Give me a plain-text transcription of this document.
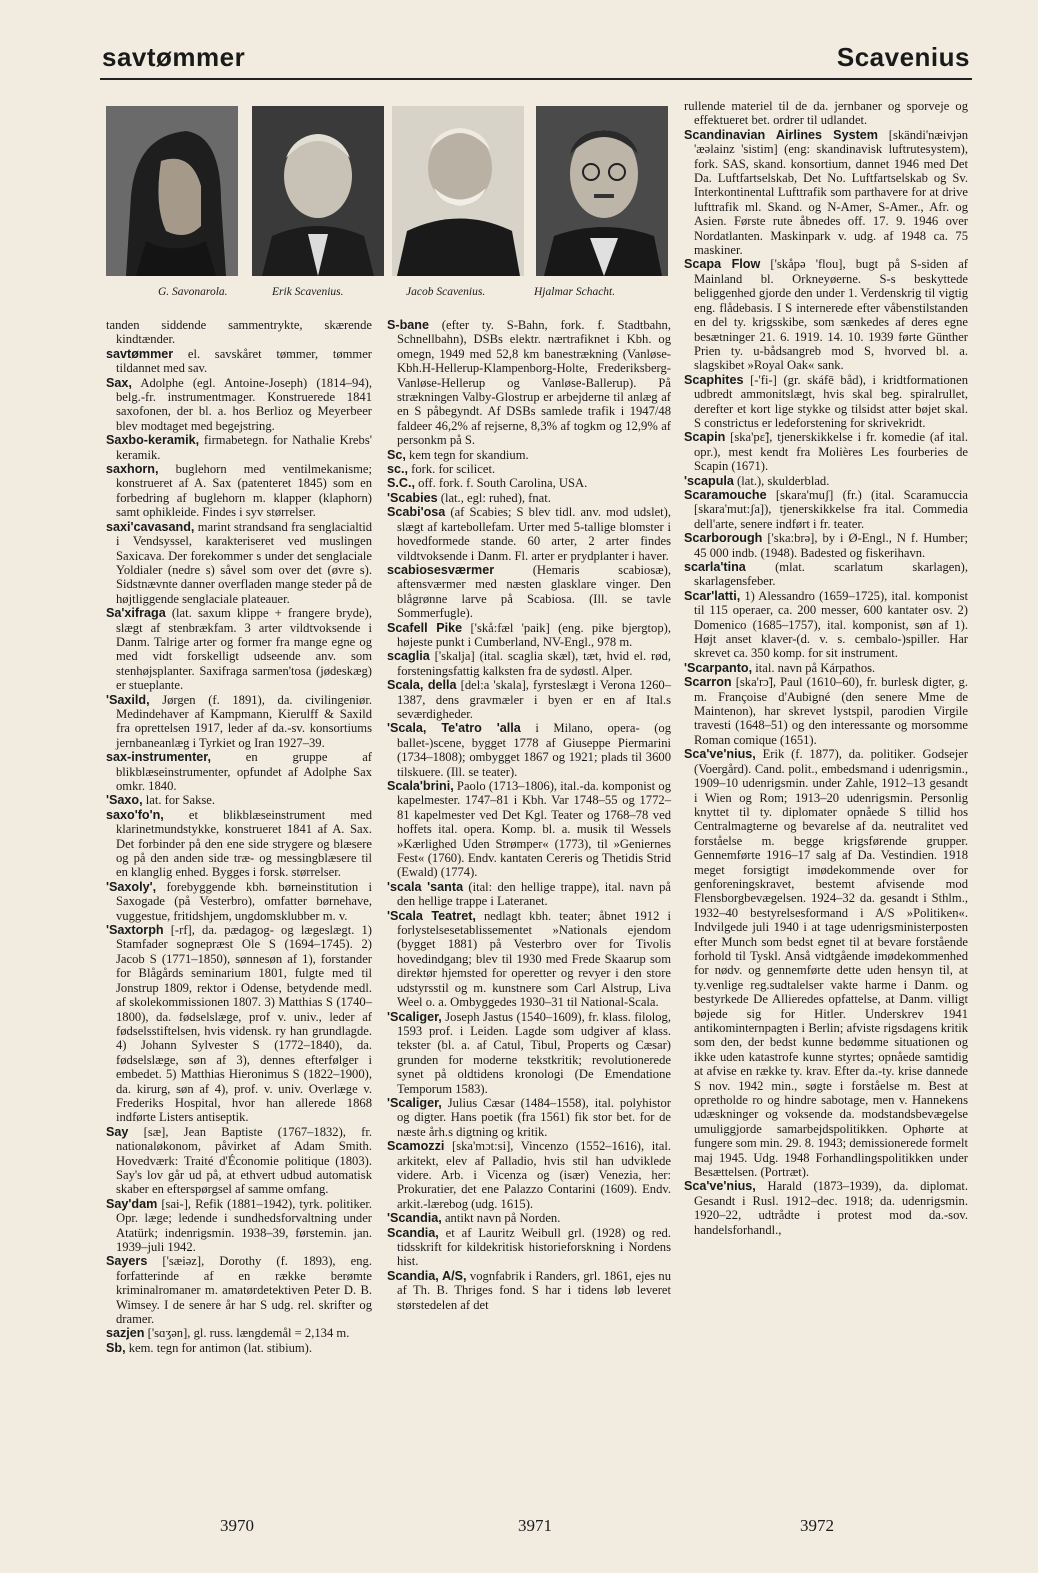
savtømmer	Scavenius
G. Savonarola.	Erik Scavenius.	Jacob Scavenius.	Hjalmar Schacht.

tanden siddende sammentrykte, skærende kindtænder.

savtømmer el. savskåret tømmer, tømmer tildannet med sav.

Sax, Adolphe (egl. Antoine-Joseph) (1814–94), belg.-fr. instrumentmager. Konstruerede 1841 saxofonen, der bl. a. hos Berlioz og Meyerbeer blev modtaget med begejstring.

Saxbo-keramik, firmabetegn. for Nathalie Krebs' keramik.

saxhorn, buglehorn med ventilmekanisme; konstrueret af A. Sax (patenteret 1845) som en forbedring af buglehorn m. klapper (klaphorn) samt ophikleide. Findes i syv størrelser.

saxi'cavasand, marint strandsand fra senglacialtid i Vendsyssel, karakteriseret ved muslingen Saxicava. Der forekommer s under det senglaciale Yoldialer (nedre s) såvel som over det (øvre s). Sidstnævnte danner overfladen mange steder på de højtliggende senglaciale plateauer.

Sa'xifraga (lat. saxum klippe + frangere bryde), slægt af stenbrækfam. 3 arter vildtvoksende i Danm. Talrige arter og former fra mange egne og med vidt forskelligt udseende anv. som stenhøjsplanter. Saxifraga sarmen'tosa (jødeskæg) er stueplante.

'Saxild, Jørgen (f. 1891), da. civilingeniør. Medindehaver af Kampmann, Kierulff & Saxild fra oprettelsen 1917, leder af da.-sv. konsortiums jernbaneanlæg i Tyrkiet og Iran 1927–39.

sax-instrumenter, en gruppe af blikblæseinstrumenter, opfundet af Adolphe Sax omkr. 1840.

'Saxo, lat. for Sakse.

saxo'fo'n, et blikblæseinstrument med klarinetmundstykke, konstrueret 1841 af A. Sax. Det forbinder på den ene side strygere og blæsere og på den anden side træ- og messingblæsere til en klanglig enhed. Bygges i forsk. størrelser.

'Saxoly', forebyggende kbh. børneinstitution i Saxogade (på Vesterbro), omfatter børnehave, vuggestue, fritidshjem, ungdomsklubber m. v.

'Saxtorph [-rf], da. pædagog- og lægeslægt. 1) Stamfader sognepræst Ole S (1694–1745). 2) Jacob S (1771–1850), sønnesøn af 1), forstander for Blågårds seminarium 1801, fulgte med til Jonstrup 1809, rektor i Odense, betydende medl. af skolekommissionen 1807. 3) Matthias S (1740–1800), da. fødselslæge, prof v. univ., leder af fødselsstiftelsen, hvis vidensk. ry han grundlagde. 4) Johann Sylvester S (1772–1840), da. fødselslæge, søn af 3), dennes efterfølger i embedet. 5) Matthias Hieronimus S (1822–1900), da. kirurg, søn af 4), prof. v. univ. Overlæge v. Frederiks Hospital, hvor han allerede 1868 indførte Listers antiseptik.

Say [sæ], Jean Baptiste (1767–1832), fr. nationaløkonom, påvirket af Adam Smith. Hovedværk: Traité d'Économie politique (1803). Say's lov går ud på, at ethvert udbud automatisk skaber en efterspørgsel af samme omfang.

Say'dam [sai-], Refik (1881–1942), tyrk. politiker. Opr. læge; ledende i sundhedsforvaltning under Atatürk; indenrigsmin. 1938–39, førstemin. jan. 1939–juli 1942.

Sayers ['sæiəz], Dorothy (f. 1893), eng. forfatterinde af en række berømte kriminalromaner m. amatørdetektiven Peter D. B. Wimsey. I de senere år har S udg. rel. skrifter og dramer.

sazjen ['sɑʒən], gl. russ. længdemål = 2,134 m.

Sb, kem. tegn for antimon (lat. stibium).

S-bane (efter ty. S-Bahn, fork. f. Stadtbahn, Schnellbahn), DSBs elektr. nærtrafiknet i Kbh. og omegn, 1949 med 52,8 km banestrækning (Vanløse-Kbh.H-Hellerup-Klampenborg-Holte, Frederiksberg-Vanløse-Hellerup og Vanløse-Ballerup). På strækningen Valby-Glostrup er arbejderne til anlæg af en S påbegyndt. Af DSBs samlede trafik i 1947/48 faldeer 46,2% af rejserne, 8,3% af togkm og 12,9% af personkm på S.

Sc, kem tegn for skandium.

sc., fork. for scilicet.

S.C., off. fork. f. South Carolina, USA.

'Scabies (lat., egl: ruhed), fnat.

Scabi'osa (af Scabies; S blev tidl. anv. mod udslet), slægt af kartebollefam. Urter med 5-tallige blomster i hovedformede stande. 60 arter, 2 arter findes vildtvoksende i Danm. Fl. arter er prydplanter i haver.

scabiosesværmer (Hemaris scabiosæ), aftensværmer med næsten glasklare vinger. Den blågrønne larve på Scabiosa. (Ill. se tavle Sommerfugle).

Scafell Pike ['skå:fæl 'paik] (eng. pike bjergtop), højeste punkt i Cumberland, NV-Engl., 978 m.

scaglia ['skalja] (ital. scaglia skæl), tæt, hvid el. rød, forsteningsfattig kalksten fra de sydøstl. Alper.

Scala, della [del:a 'skala], fyrsteslægt i Verona 1260–1387, dens gravmæler i byen er en af Ital.s seværdigheder.

'Scala, Te'atro 'alla i Milano, opera- (og ballet-)scene, bygget 1778 af Giuseppe Piermarini (1734–1808); ombygget 1867 og 1921; plads til 3600 tilskuere. (Ill. se teater).

Scala'brini, Paolo (1713–1806), ital.-da. komponist og kapelmester. 1747–81 i Kbh. Var 1748–55 og 1772–81 kapelmester ved Det Kgl. Teater og 1768–78 ved hoffets ital. opera. Komp. bl. a. musik til Wessels »Kærlighed Uden Strømper« (1773), til »Geniernes Fest« (1760). Endv. kantaten Cereris og Thetidis Strid (Ewald) (1774).

'scala 'santa (ital: den hellige trappe), ital. navn på den hellige trappe i Lateranet.

'Scala Teatret, nedlagt kbh. teater; åbnet 1912 i forlystelsesetablissementet »Nationals ejendom (bygget 1881) på Vesterbro over for Tivolis hovedindgang; blev til 1930 med Frede Skaarup som direktør hjemsted for operetter og revyer i den store udstyrsstil og m. kunstnere som Carl Alstrup, Liva Weel o. a. Ombyggedes 1930–31 til National-Scala.

'Scaliger, Joseph Jastus (1540–1609), fr. klass. filolog, 1593 prof. i Leiden. Lagde som udgiver af klass. tekster (bl. a. af Catul, Tibul, Properts og Cæsar) grunden for moderne tekstkritik; revolutionerede synet på oldtidens kronologi (De Emendatione Temporum 1583).

'Scaliger, Julius Cæsar (1484–1558), ital. polyhistor og digter. Hans poetik (fra 1561) fik stor bet. for de næste årh.s digtning og kritik.

Scamozzi [ska'mɔt:si], Vincenzo (1552–1616), ital. arkitekt, elev af Palladio, hvis stil han udviklede videre. Arb. i Vicenza og (især) Venezia, her: Prokuratier, det ene Palazzo Contarini (1609). Endv. arkit.-lærebog (udg. 1615).

'Scandia, antikt navn på Norden.

Scandia, et af Lauritz Weibull grl. (1928) og red. tidsskrift for kildekritisk historieforskning i Nordens hist.

Scandia, A/S, vognfabrik i Randers, grl. 1861, ejes nu af Th. B. Thriges fond. S har i tidens løb leveret størstedelen af det

rullende materiel til de da. jernbaner og sporveje og effektueret bet. ordrer til udlandet.

Scandinavian Airlines System [skändi'næivjən 'æəlainz 'sistim] (eng: skandinavisk luftrutesystem), fork. SAS, skand. konsortium, dannet 1946 med Det Da. Luftfartselskab, Det No. Luftfartselskab og Sv. Interkontinental Lufttrafik som parthavere for at drive lufttrafik ml. Skand. og N-Amer, S-Amer., Afr. og Asien. Første rute åbnedes off. 17. 9. 1946 over Nordatlanten. Maskinpark v. udg. af 1948 ca. 75 maskiner.

Scapa Flow ['skåpə 'flou], bugt på S-siden af Mainland bl. Orkneyøerne. S-s beskyttede beliggenhed gjorde den under 1. Verdenskrig til vigtig eng. flådebasis. I S internerede efter våbenstilstanden en del ty. krigsskibe, som sænkedes af deres egne besætninger 21. 6. 1919. 14. 10. 1939 førte Günther Prien ty. u-bådsangreb mod S, hvorved bl. a. slagskibet »Royal Oak« sank.

Scaphites [-'fi-] (gr. skáfē båd), i kridtformationen udbredt ammonitslægt, hvis skal beg. spiralrullet, derefter et kort lige stykke og tilsidst atter bøjet skal. S constrictus er ledeforstening for skrivekridt.

Scapin [ska'pɛ̃], tjenerskikkelse i fr. komedie (af ital. opr.), mest kendt fra Molières Les fourberies de Scapin (1671).

'scapula (lat.), skulderblad.

Scaramouche [skara'muʃ] (fr.) (ital. Scaramuccia [skara'mut:ʃa]), tjenerskikkelse fra ital. Commedia dell'arte, senere indført i fr. teater.

Scarborough ['ska:brə], by i Ø-Engl., N f. Humber; 45 000 indb. (1948). Badested og fiskerihavn.

scarla'tina (mlat. scarlatum skarlagen), skarlagensfeber.

Scar'latti, 1) Alessandro (1659–1725), ital. komponist til 115 operaer, ca. 200 messer, 600 kantater osv. 2) Domenico (1685–1757), ital. komponist, søn af 1). Højt anset klaver-(d. v. s. cembalo-)spiller. Har skrevet ca. 350 komp. for sit instrument.

'Scarpanto, ital. navn på Kárpathos.

Scarron [ska'rɔ̃], Paul (1610–60), fr. burlesk digter, g. m. Françoise d'Aubigné (den senere Mme de Maintenon), har skrevet lystspil, parodien Virgile travesti (1648–51) og den interessante og morsomme Roman comique (1651).

Sca've'nius, Erik (f. 1877), da. politiker. Godsejer (Voergård). Cand. polit., embedsmand i udenrigsmin., 1909–10 udenrigsmin. under Zahle, 1912–13 gesandt i Wien og Rom; 1913–20 udenrigsmin. Personlig knyttet til ty. diplomater opnåede S tillid hos Centralmagterne og bevarelse af da. neutralitet ved forståelse m. begge krigsførende grupper. Gennemførte 1916–17 salg af Da. Vestindien. 1918 meget forsigtigt imødekommende over for genforeningskravet, bestemt afvisende mod Flensborgbevægelsen. 1924–32 da. gesandt i Sthlm., 1932–40 bestyrelsesformand i A/S »Politiken«. Indvilgede juli 1940 i at tage udenrigsministerposten efter Munch som bedst egnet til at bevare forstående forhold til Tyskl. Anså vidtgående imødekommenhed for nødv. og gennemførte dette uden hensyn til, at ty.venlige reg.sudtalelser vakte harme i Danm. og bestyrkede De Allieredes opfattelse, at Danm. villigt bøjede sig for Hitler. Underskrev 1941 antikominternpagten i Berlin; afviste rigsdagens kritik som den, der bedst kunne bedømme situationen og ikke uden katastrofe kunne styrtes; opnåede samtidig at afvise en række ty. krav. Efter da.-ty. krise dannede S nov. 1942 min., søgte i forståelse m. Best at opretholde ro og hindre sabotage, men v. Hannekens udæskninger og voksende da. modstandsbevægelse umuliggjorde samarbejdspolitikken. Ophørte at fungere som min. 29. 8. 1943; demissionerede formelt maj 1945. Udg. 1948 Forhandlingspolitikken under Besættelsen. (Portræt).

Sca've'nius, Harald (1873–1939), da. diplomat. Gesandt i Rusl. 1912–dec. 1918; da. udenrigsmin. 1920–22, udtrådte i protest mod da.-sov. handelsforhandl.,

3970	3971	3972
